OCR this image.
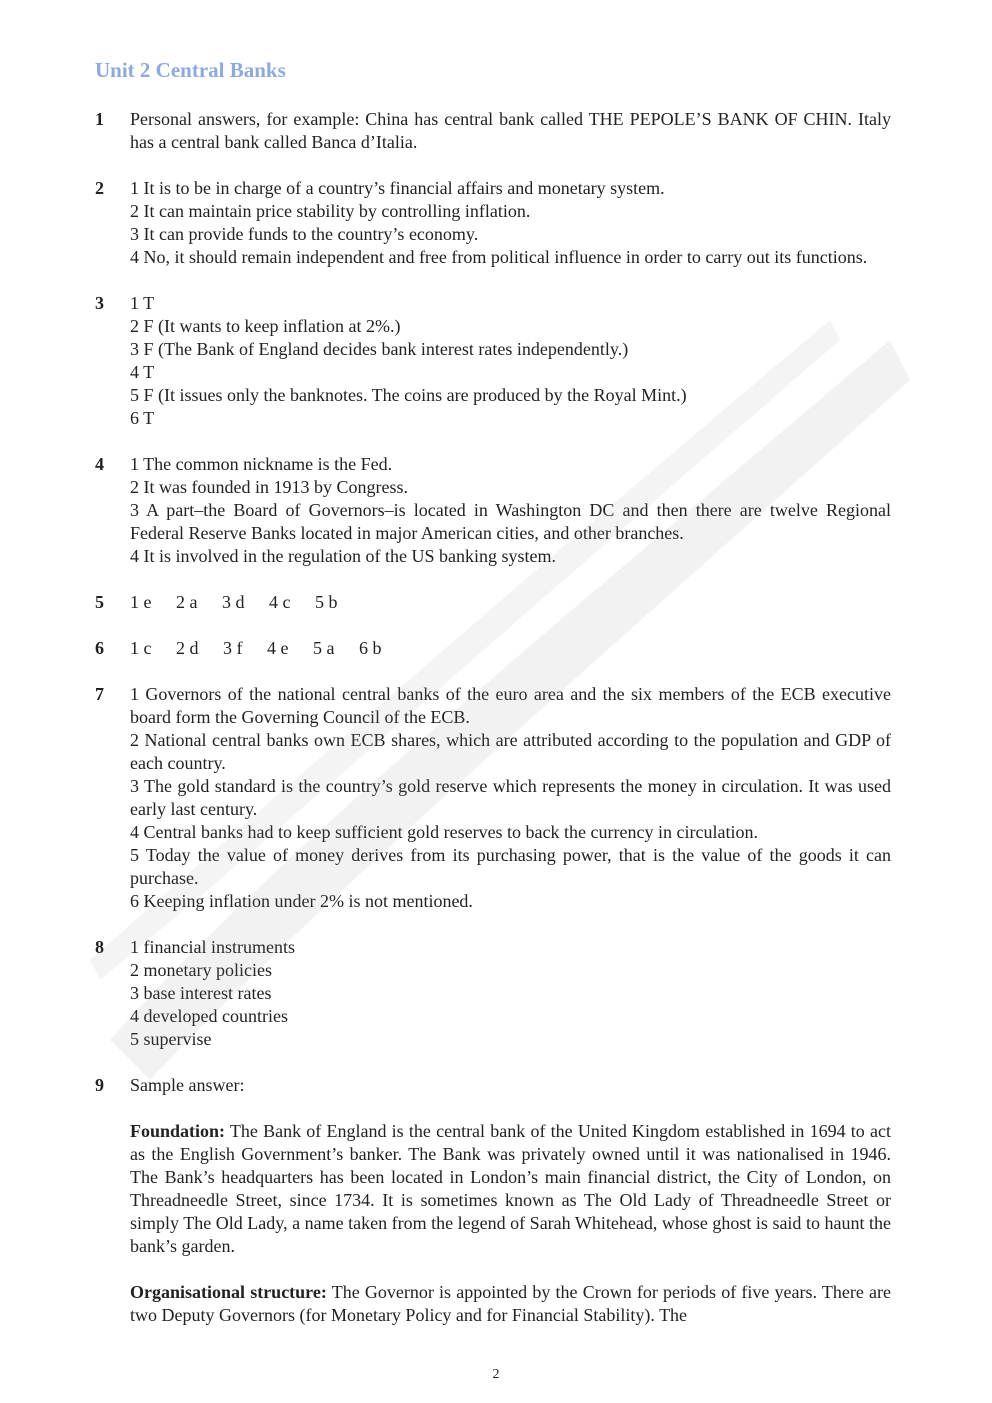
Unit 2 Central Banks
1	Personal answers, for example: China has central bank called THE PEPOLE’S BANK OF CHIN. Italy has a central bank called Banca d’Italia.
2	1 It is to be in charge of a country’s financial affairs and monetary system.
2 It can maintain price stability by controlling inflation.
3 It can provide funds to the country’s economy.
4 No, it should remain independent and free from political influence in order to carry out its functions.
3	1 T
2 F (It wants to keep inflation at 2%.)
3 F (The Bank of England decides bank interest rates independently.)
4 T
5 F (It issues only the banknotes. The coins are produced by the Royal Mint.)
6 T
4	1 The common nickname is the Fed.
2 It was founded in 1913 by Congress.
3 A part–the Board of Governors–is located in Washington DC and then there are twelve Regional Federal Reserve Banks located in major American cities, and other branches.
4 It is involved in the regulation of the US banking system.
5	1 e 2 a 3 d 4 c 5 b
6	1 c 2 d 3 f 4 e 5 a 6 b
7	1 Governors of the national central banks of the euro area and the six members of the ECB executive board form the Governing Council of the ECB.
2 National central banks own ECB shares, which are attributed according to the population and GDP of each country.
3 The gold standard is the country’s gold reserve which represents the money in circulation. It was used early last century.
4 Central banks had to keep sufficient gold reserves to back the currency in circulation.
5 Today the value of money derives from its purchasing power, that is the value of the goods it can purchase.
6 Keeping inflation under 2% is not mentioned.
8	1 financial instruments
2 monetary policies
3 base interest rates
4 developed countries
5 supervise
9	Sample answer:
Foundation: The Bank of England is the central bank of the United Kingdom established in 1694 to act as the English Government’s banker. The Bank was privately owned until it was nationalised in 1946. The Bank’s headquarters has been located in London’s main financial district, the City of London, on Threadneedle Street, since 1734. It is sometimes known as The Old Lady of Threadneedle Street or simply The Old Lady, a name taken from the legend of Sarah Whitehead, whose ghost is said to haunt the bank’s garden.
Organisational structure: The Governor is appointed by the Crown for periods of five years. There are two Deputy Governors (for Monetary Policy and for Financial Stability). The
2
